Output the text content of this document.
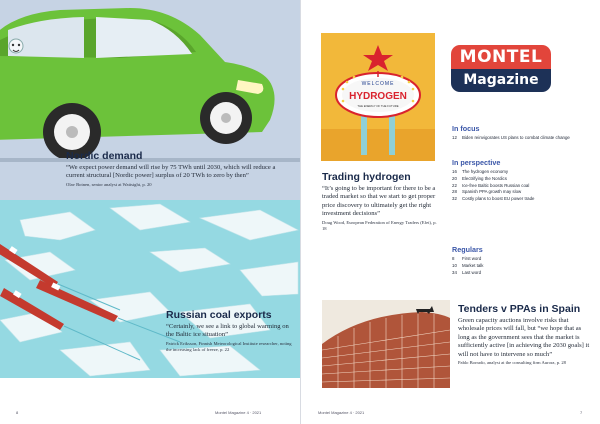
Nordic demand

“We expect power demand will rise by 75 TWh until 2030, which will reduce a current structural [Nordic power] surplus of 20 TWh to zero by then”

Olav Botnen, senior analyst at Wattsight, p. 20

Russian coal exports

“Certainly, we see a link to global warming on the Baltic ice situation”

Patrick Eriksson, Finnish Meteorological Institute researcher, noting the increasing lack of freeze, p. 22

8	Montel Magazine 4 · 2021
WELCOME
HYDROGEN
THE ENERGY OF THE FUTURE
Trading hydrogen

“It’s going to be important for there to be a traded market so that we start to get proper price discovery to ultimately get the right investment decisions”

Doug Wood, European Federation of Energy Traders (Efet), p. 18

MONTEL
Magazine
In focus
12	Biden reinvigorates US plans to combat climate change
In perspective
16	The hydrogen economy
20	Electrifying the Nordics
22	Ice-free Baltic boosts Russian coal
28	Spanish PPA growth may slow
32	Costly plans to boost EU power trade
Regulars
8	First word
10	Market talk
34	Last word
Tenders v PPAs in Spain

Green capacity auctions involve risks that wholesale prices will fall, but “we hope that as long as the government sees that the market is sufficiently active [in achieving the 2030 goals] it will not have to intervene so much”

Pablo Borrado, analyst at the consulting firm Aurora, p. 28

Montel Magazine 4 · 2021	7
